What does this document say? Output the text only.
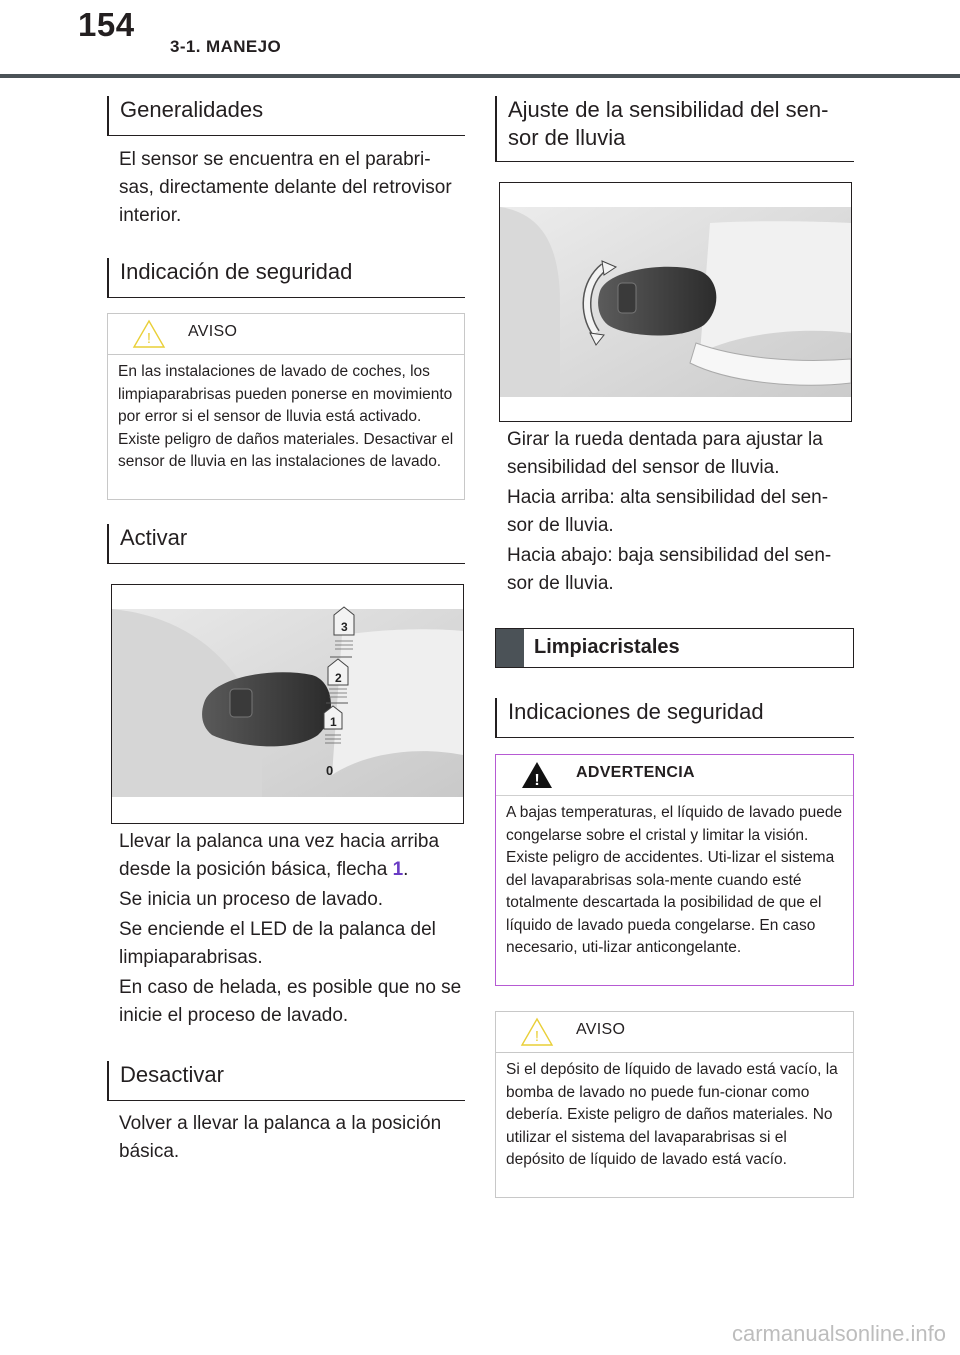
154
3-1. MANEJO
Generalidades

El sensor se encuentra en el parabri-sas, directamente delante del retrovisor interior.

Indicación de seguridad
! AVISO
En las instalaciones de lavado de coches, los limpiaparabrisas pueden ponerse en movimiento por error si el sensor de lluvia está activado. Existe peligro de daños materiales. Desactivar el sensor de lluvia en las instalaciones de lavado.
Activar
3
2
1
0

Llevar la palanca una vez hacia arriba desde la posición básica, flecha 1.

Se inicia un proceso de lavado.

Se enciende el LED de la palanca del limpiaparabrisas.

En caso de helada, es posible que no se inicie el proceso de lavado.

Desactivar

Volver a llevar la palanca a la posición básica.

Ajuste de la sensibilidad del sen-sor de lluvia

Girar la rueda dentada para ajustar la sensibilidad del sensor de lluvia.

Hacia arriba: alta sensibilidad del sen-sor de lluvia.

Hacia abajo: baja sensibilidad del sen-sor de lluvia.

Limpiacristales
Indicaciones de seguridad
! ADVERTENCIA
A bajas temperaturas, el líquido de lavado puede congelarse sobre el cristal y limitar la visión. Existe peligro de accidentes. Uti-lizar el sistema del lavaparabrisas sola-mente cuando esté totalmente descartada la posibilidad de que el líquido de lavado pueda congelarse. En caso necesario, uti-lizar anticongelante.
! AVISO
Si el depósito de líquido de lavado está vacío, la bomba de lavado no puede fun-cionar como debería. Existe peligro de daños materiales. No utilizar el sistema del lavaparabrisas si el depósito de líquido de lavado está vacío.
carmanualsonline.info
